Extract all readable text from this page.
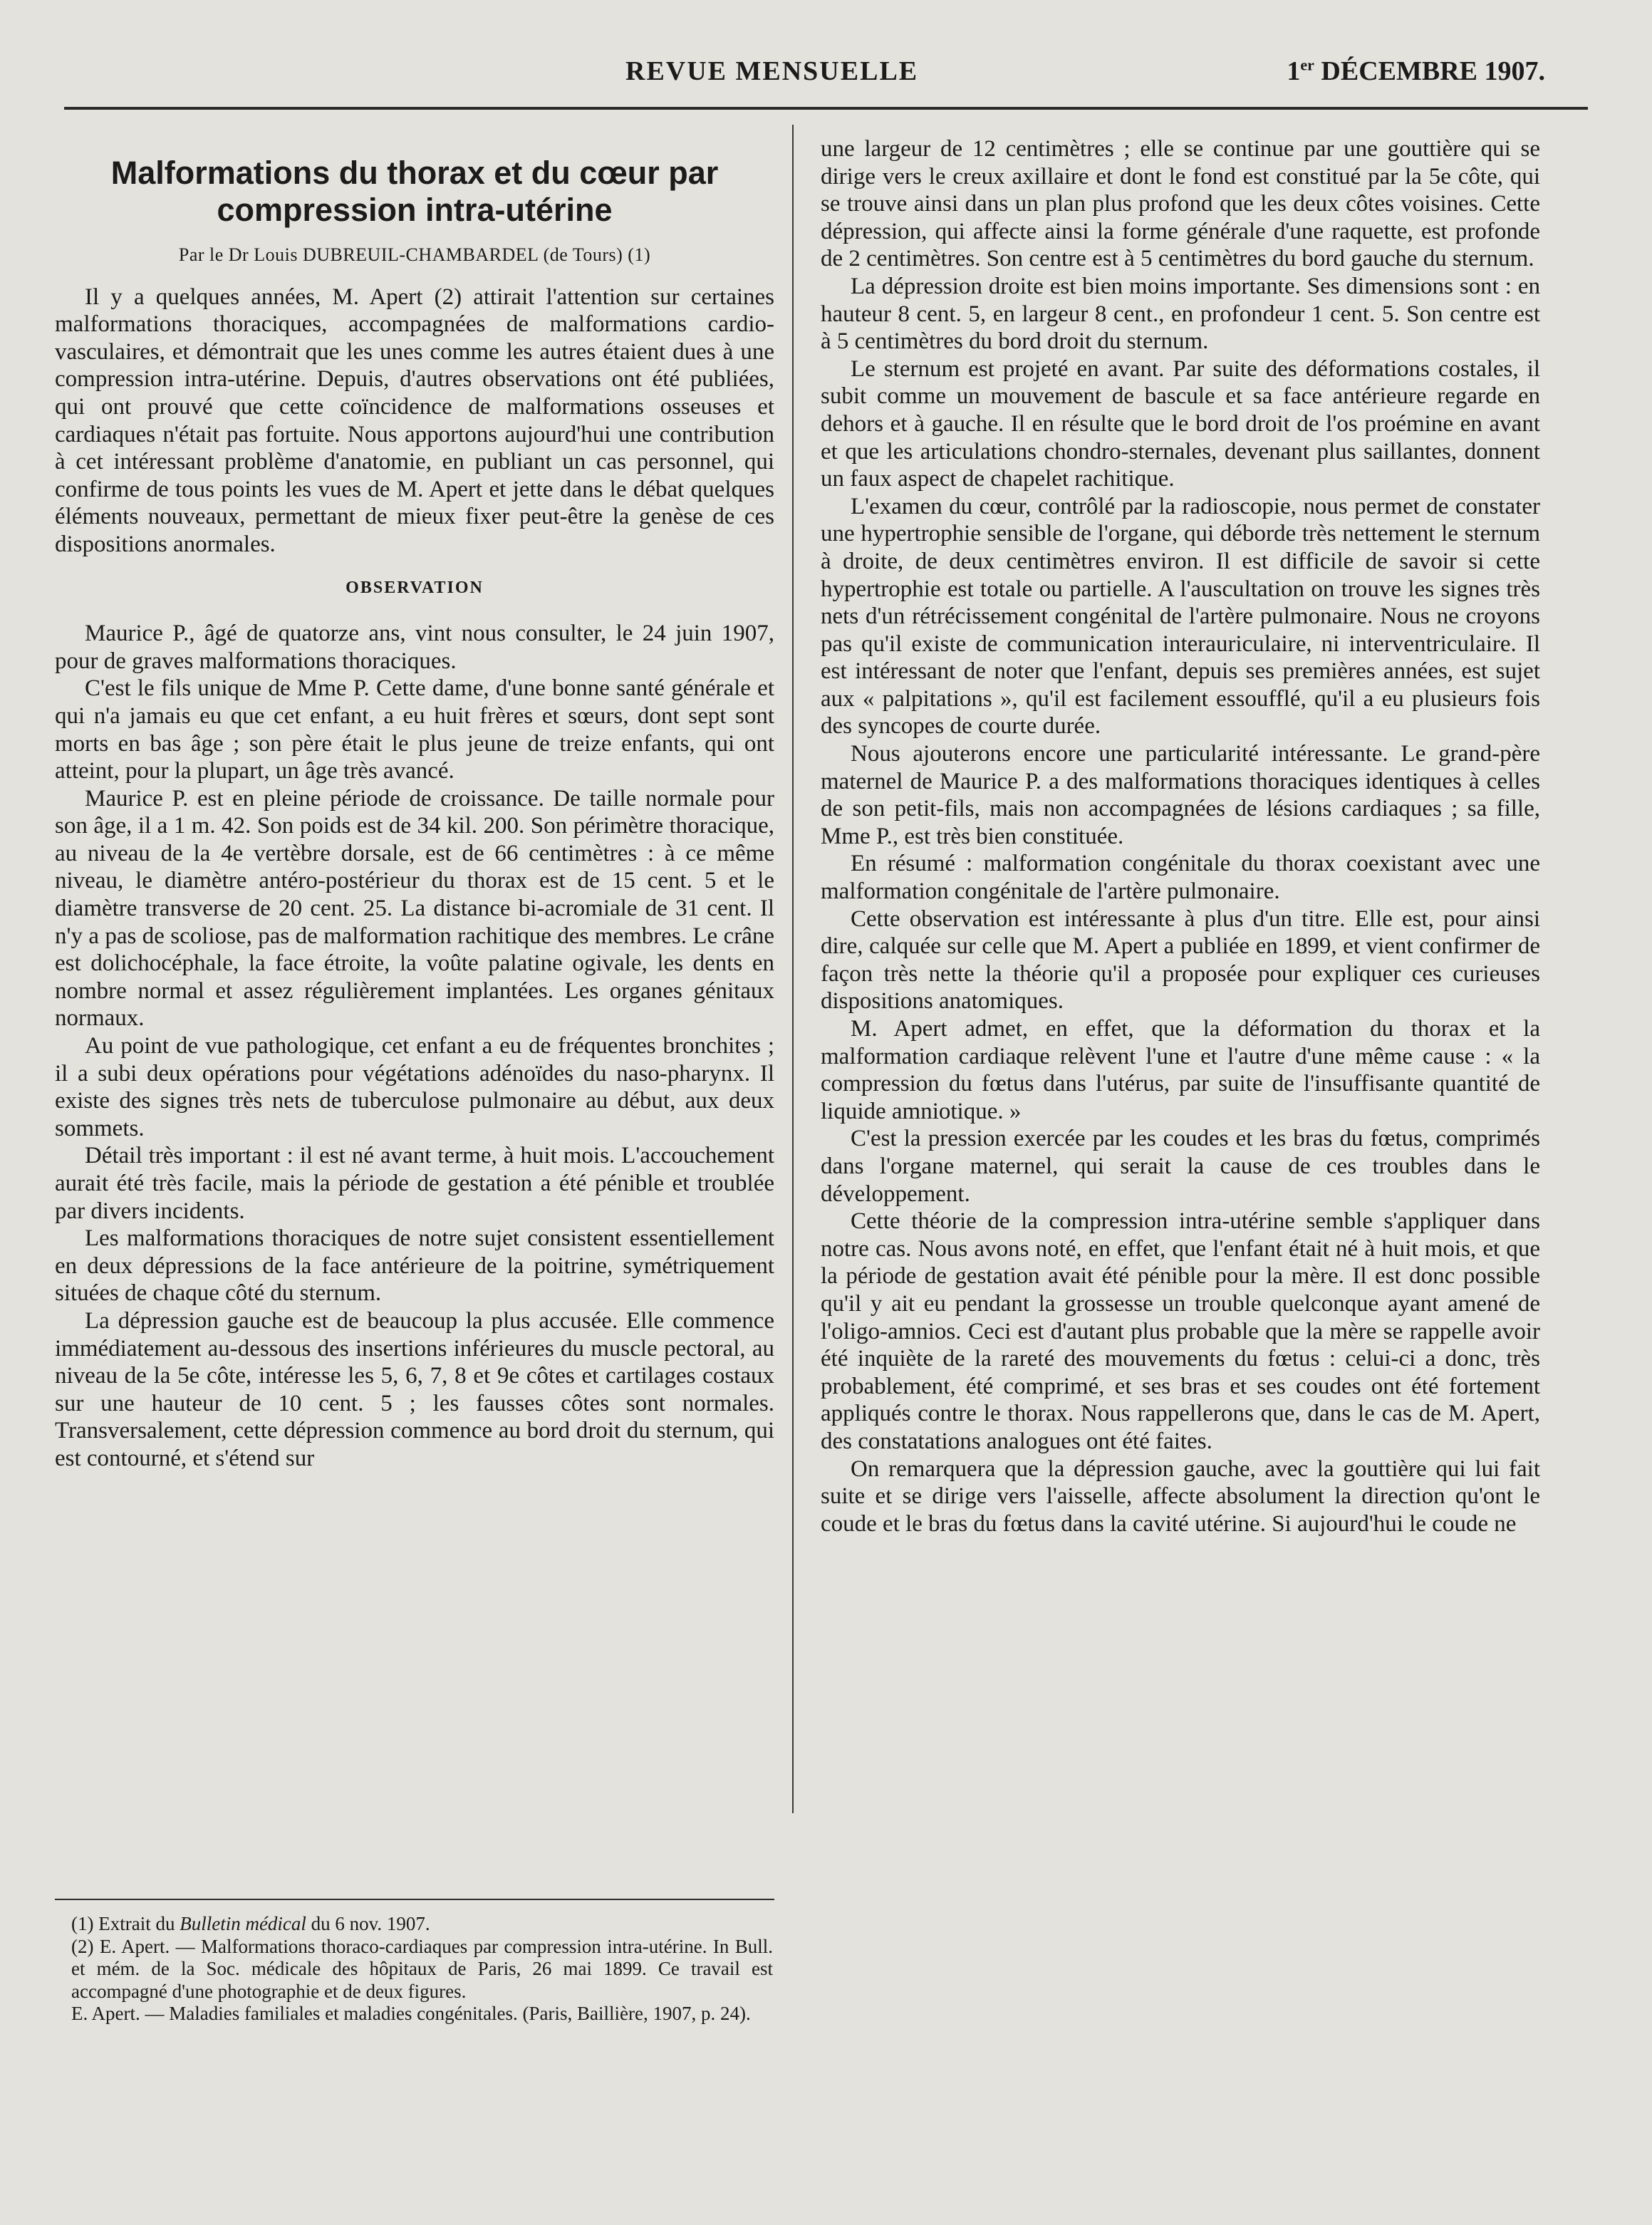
REVUE MENSUELLE	1er DÉCEMBRE 1907.
Malformations du thorax et du cœur par
compression intra-utérine
Par le Dr Louis DUBREUIL-CHAMBARDEL (de Tours) (1)

Il y a quelques années, M. Apert (2) attirait l'attention sur certaines malformations thoraciques, accompagnées de malformations cardio-vasculaires, et démontrait que les unes comme les autres étaient dues à une compression intra-utérine. Depuis, d'autres observations ont été publiées, qui ont prouvé que cette coïncidence de malformations osseuses et cardiaques n'était pas fortuite. Nous apportons aujourd'hui une contribution à cet intéressant problème d'anatomie, en publiant un cas personnel, qui confirme de tous points les vues de M. Apert et jette dans le débat quelques éléments nouveaux, permettant de mieux fixer peut-être la genèse de ces dispositions anormales.

OBSERVATION

Maurice P., âgé de quatorze ans, vint nous consulter, le 24 juin 1907, pour de graves malformations thoraciques.

C'est le fils unique de Mme P. Cette dame, d'une bonne santé générale et qui n'a jamais eu que cet enfant, a eu huit frères et sœurs, dont sept sont morts en bas âge ; son père était le plus jeune de treize enfants, qui ont atteint, pour la plupart, un âge très avancé.

Maurice P. est en pleine période de croissance. De taille normale pour son âge, il a 1 m. 42. Son poids est de 34 kil. 200. Son périmètre thoracique, au niveau de la 4e vertèbre dorsale, est de 66 centimètres : à ce même niveau, le diamètre antéro-postérieur du thorax est de 15 cent. 5 et le diamètre transverse de 20 cent. 25. La distance bi-acromiale de 31 cent. Il n'y a pas de scoliose, pas de malformation rachitique des membres. Le crâne est dolichocéphale, la face étroite, la voûte palatine ogivale, les dents en nombre normal et assez régulièrement implantées. Les organes génitaux normaux.

Au point de vue pathologique, cet enfant a eu de fréquentes bronchites ; il a subi deux opérations pour végétations adénoïdes du naso-pharynx. Il existe des signes très nets de tuberculose pulmonaire au début, aux deux sommets.

Détail très important : il est né avant terme, à huit mois. L'accouchement aurait été très facile, mais la période de gestation a été pénible et troublée par divers incidents.

Les malformations thoraciques de notre sujet consistent essentiellement en deux dépressions de la face antérieure de la poitrine, symétriquement situées de chaque côté du sternum.

La dépression gauche est de beaucoup la plus accusée. Elle commence immédiatement au-dessous des insertions inférieures du muscle pectoral, au niveau de la 5e côte, intéresse les 5, 6, 7, 8 et 9e côtes et cartilages costaux sur une hauteur de 10 cent. 5 ; les fausses côtes sont normales. Transversalement, cette dépression commence au bord droit du sternum, qui est contourné, et s'étend sur

(1) Extrait du Bulletin médical du 6 nov. 1907.

(2) E. Apert. — Malformations thoraco-cardiaques par compression intra-utérine. In Bull. et mém. de la Soc. médicale des hôpitaux de Paris, 26 mai 1899. Ce travail est accompagné d'une photographie et de deux figures.

E. Apert. — Maladies familiales et maladies congénitales. (Paris, Baillière, 1907, p. 24).

une largeur de 12 centimètres ; elle se continue par une gouttière qui se dirige vers le creux axillaire et dont le fond est constitué par la 5e côte, qui se trouve ainsi dans un plan plus profond que les deux côtes voisines. Cette dépression, qui affecte ainsi la forme générale d'une raquette, est profonde de 2 centimètres. Son centre est à 5 centimètres du bord gauche du sternum.

La dépression droite est bien moins importante. Ses dimensions sont : en hauteur 8 cent. 5, en largeur 8 cent., en profondeur 1 cent. 5. Son centre est à 5 centimètres du bord droit du sternum.

Le sternum est projeté en avant. Par suite des déformations costales, il subit comme un mouvement de bascule et sa face antérieure regarde en dehors et à gauche. Il en résulte que le bord droit de l'os proémine en avant et que les articulations chondro-sternales, devenant plus saillantes, donnent un faux aspect de chapelet rachitique.

L'examen du cœur, contrôlé par la radioscopie, nous permet de constater une hypertrophie sensible de l'organe, qui déborde très nettement le sternum à droite, de deux centimètres environ. Il est difficile de savoir si cette hypertrophie est totale ou partielle. A l'auscultation on trouve les signes très nets d'un rétrécissement congénital de l'artère pulmonaire. Nous ne croyons pas qu'il existe de communication interauriculaire, ni interventriculaire. Il est intéressant de noter que l'enfant, depuis ses premières années, est sujet aux « palpitations », qu'il est facilement essoufflé, qu'il a eu plusieurs fois des syncopes de courte durée.

Nous ajouterons encore une particularité intéressante. Le grand-père maternel de Maurice P. a des malformations thoraciques identiques à celles de son petit-fils, mais non accompagnées de lésions cardiaques ; sa fille, Mme P., est très bien constituée.

En résumé : malformation congénitale du thorax coexistant avec une malformation congénitale de l'artère pulmonaire.

Cette observation est intéressante à plus d'un titre. Elle est, pour ainsi dire, calquée sur celle que M. Apert a publiée en 1899, et vient confirmer de façon très nette la théorie qu'il a proposée pour expliquer ces curieuses dispositions anatomiques.

M. Apert admet, en effet, que la déformation du thorax et la malformation cardiaque relèvent l'une et l'autre d'une même cause : « la compression du fœtus dans l'utérus, par suite de l'insuffisante quantité de liquide amniotique. »

C'est la pression exercée par les coudes et les bras du fœtus, comprimés dans l'organe maternel, qui serait la cause de ces troubles dans le développement.

Cette théorie de la compression intra-utérine semble s'appliquer dans notre cas. Nous avons noté, en effet, que l'enfant était né à huit mois, et que la période de gestation avait été pénible pour la mère. Il est donc possible qu'il y ait eu pendant la grossesse un trouble quelconque ayant amené de l'oligo-amnios. Ceci est d'autant plus probable que la mère se rappelle avoir été inquiète de la rareté des mouvements du fœtus : celui-ci a donc, très probablement, été comprimé, et ses bras et ses coudes ont été fortement appliqués contre le thorax. Nous rappellerons que, dans le cas de M. Apert, des constatations analogues ont été faites.

On remarquera que la dépression gauche, avec la gouttière qui lui fait suite et se dirige vers l'aisselle, affecte absolument la direction qu'ont le coude et le bras du fœtus dans la cavité utérine. Si aujourd'hui le coude ne
